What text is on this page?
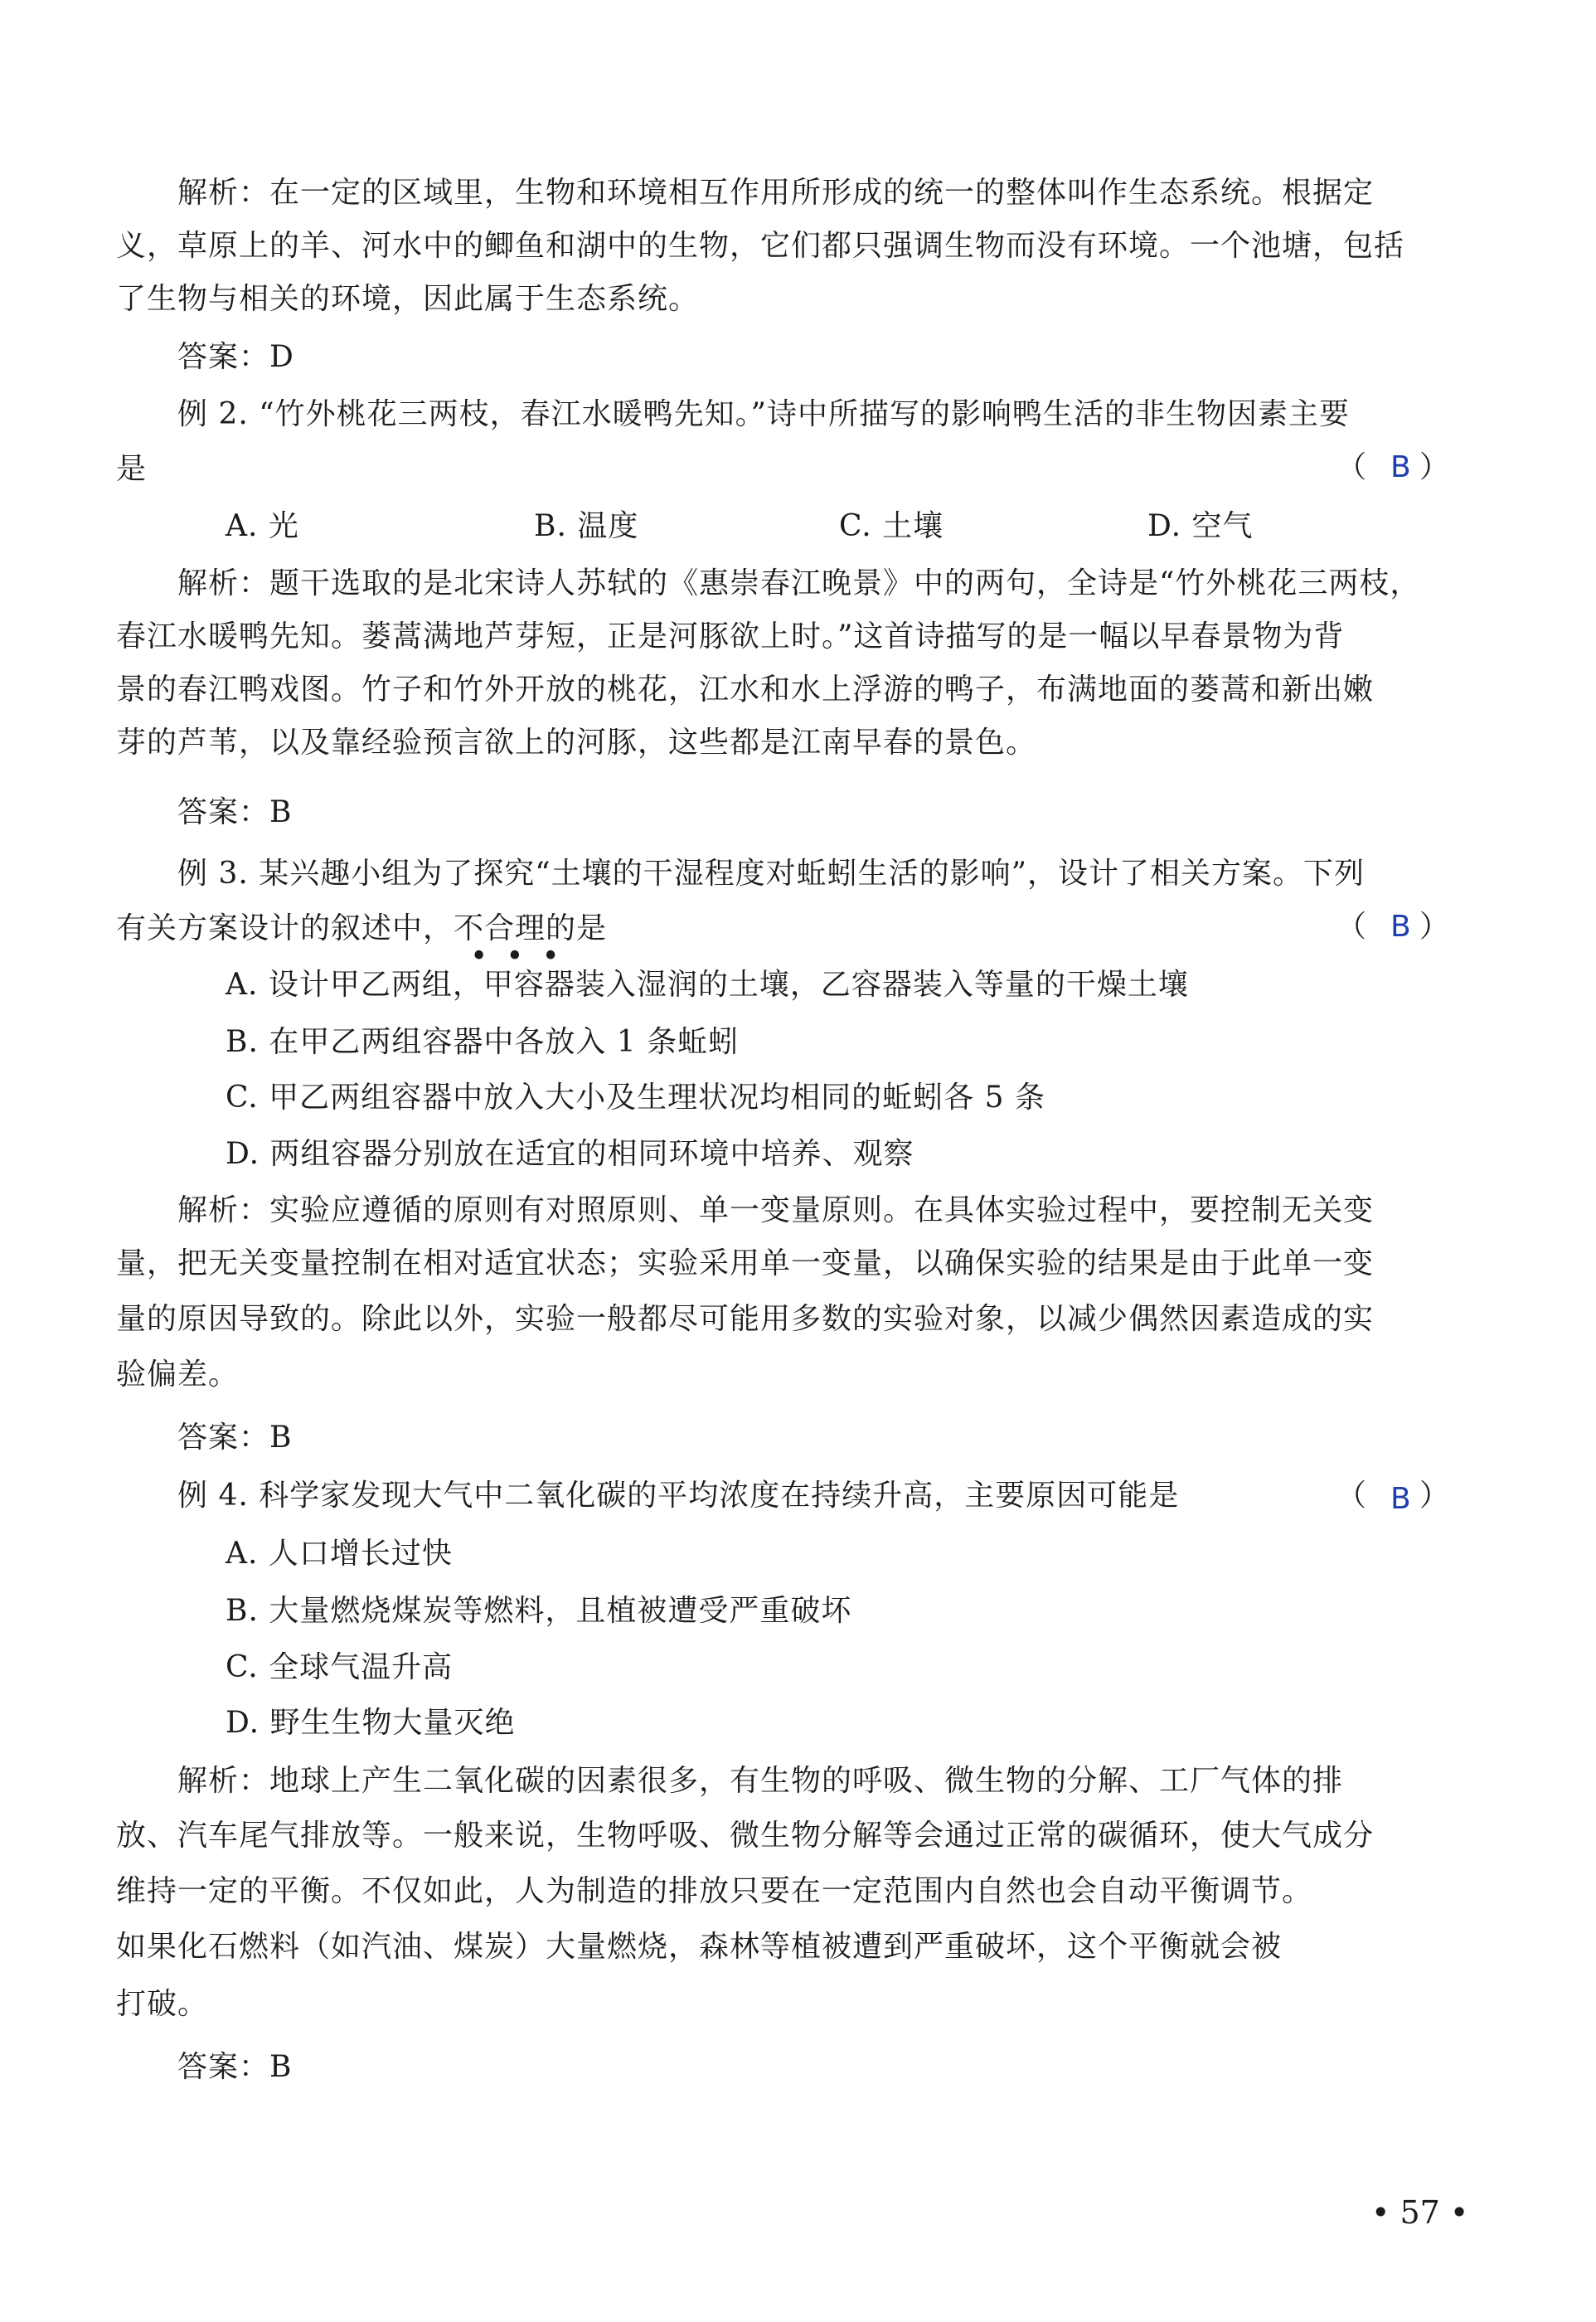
解析：在一定的区域里，生物和环境相互作用所形成的统一的整体叫作生态系统。根据定
义，草原上的羊、河水中的鲫鱼和湖中的生物，它们都只强调生物而没有环境。一个池塘，包括
了生物与相关的环境，因此属于生态系统。
答案：D
例 2. “竹外桃花三两枝，春江水暖鸭先知。”诗中所描写的影响鸭生活的非生物因素主要
是	（ B ）
A. 光	B. 温度	C. 土壤	D. 空气
解析：题干选取的是北宋诗人苏轼的《惠崇春江晚景》中的两句，全诗是“竹外桃花三两枝，
春江水暖鸭先知。蒌蒿满地芦芽短，正是河豚欲上时。”这首诗描写的是一幅以早春景物为背
景的春江鸭戏图。竹子和竹外开放的桃花，江水和水上浮游的鸭子，布满地面的蒌蒿和新出嫩
芽的芦苇，以及靠经验预言欲上的河豚，这些都是江南早春的景色。
答案：B
例 3. 某兴趣小组为了探究“土壤的干湿程度对蚯蚓生活的影响”，设计了相关方案。下列
有关方案设计的叙述中，不合理的是
•••
（ B ）
A. 设计甲乙两组，甲容器装入湿润的土壤，乙容器装入等量的干燥土壤
B. 在甲乙两组容器中各放入 1 条蚯蚓
C. 甲乙两组容器中放入大小及生理状况均相同的蚯蚓各 5 条
D. 两组容器分别放在适宜的相同环境中培养、观察
解析：实验应遵循的原则有对照原则、单一变量原则。在具体实验过程中，要控制无关变
量，把无关变量控制在相对适宜状态；实验采用单一变量，以确保实验的结果是由于此单一变
量的原因导致的。除此以外，实验一般都尽可能用多数的实验对象，以减少偶然因素造成的实
验偏差。
答案：B
例 4. 科学家发现大气中二氧化碳的平均浓度在持续升高，主要原因可能是	（ B ）
A. 人口增长过快
B. 大量燃烧煤炭等燃料，且植被遭受严重破坏
C. 全球气温升高
D. 野生生物大量灭绝
解析：地球上产生二氧化碳的因素很多，有生物的呼吸、微生物的分解、工厂气体的排
放、汽车尾气排放等。一般来说，生物呼吸、微生物分解等会通过正常的碳循环，使大气成分
维持一定的平衡。不仅如此，人为制造的排放只要在一定范围内自然也会自动平衡调节。
如果化石燃料（如汽油、煤炭）大量燃烧，森林等植被遭到严重破坏，这个平衡就会被
打破。
答案：B
• 57 •
